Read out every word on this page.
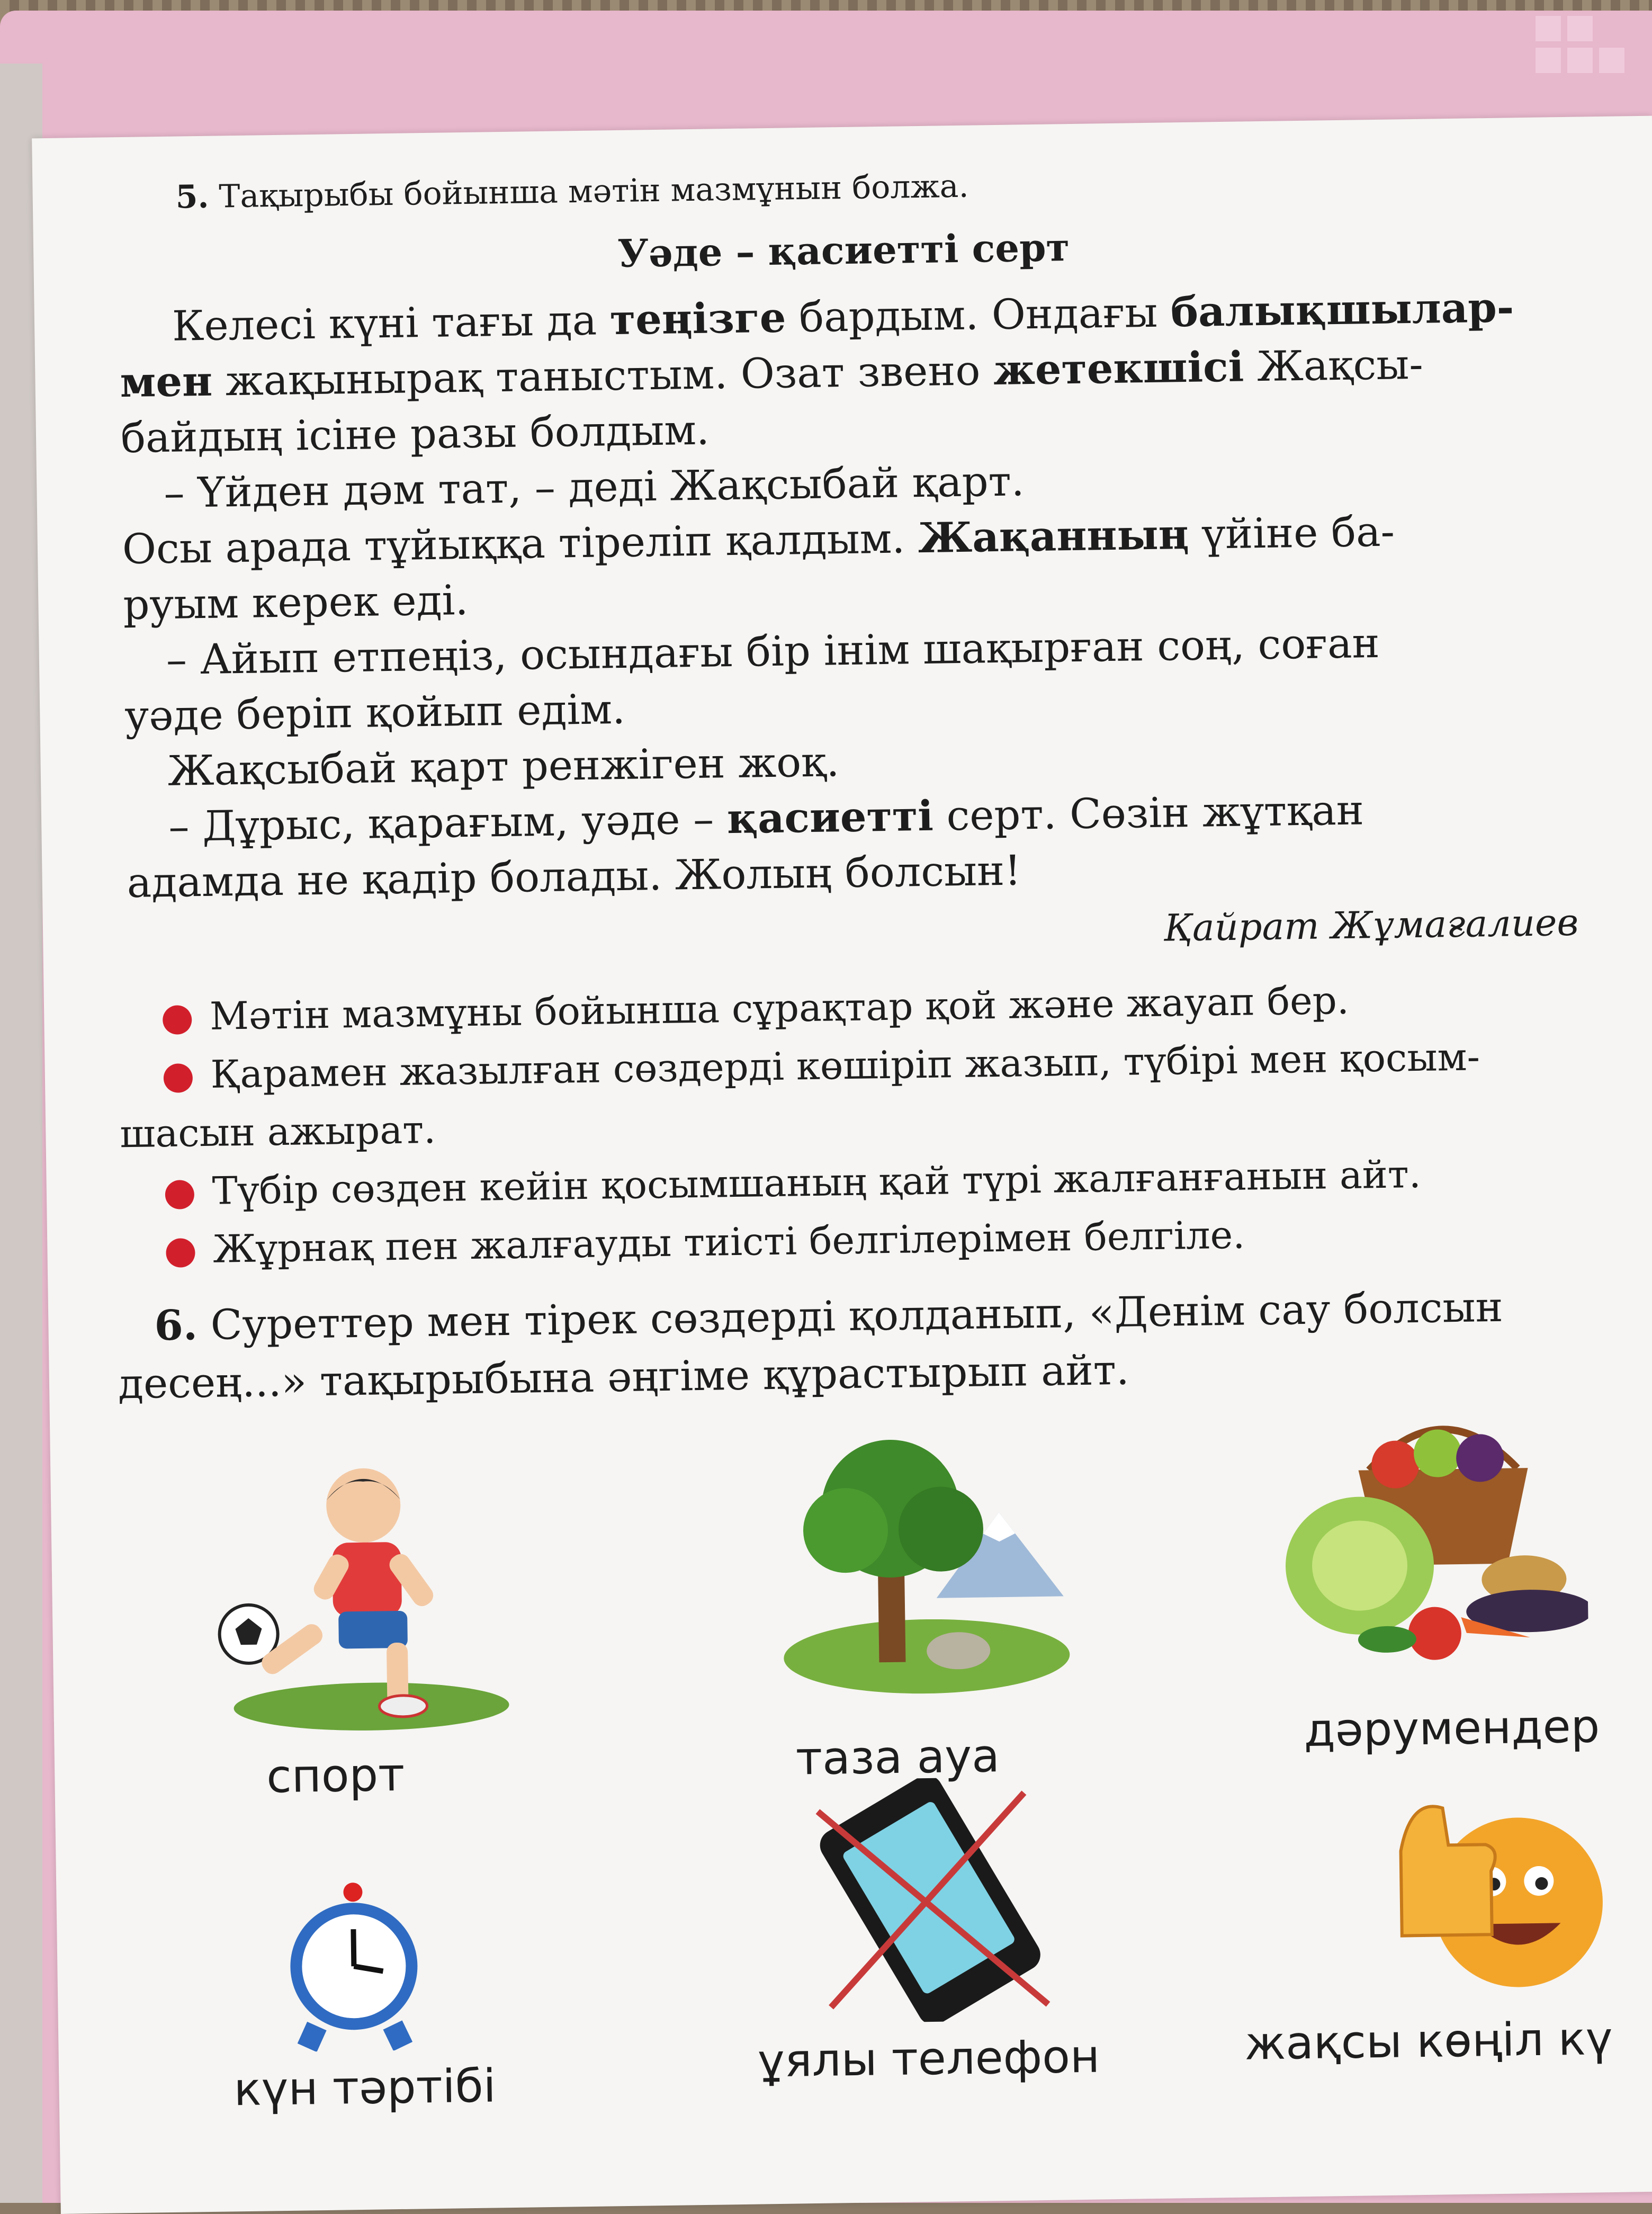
5. Тақырыбы бойынша мәтін мазмұнын болжа.
Уәде – қасиетті серт
Келесі күні тағы да теңізге бардым. Ондағы балықшылар-
мен жақынырақ таныстым. Озат звено жетекшісі Жақсы-
байдың ісіне разы болдым.
– Үйден дәм тат, – деді Жақсыбай қарт.
Осы арада тұйыққа тіреліп қалдым. Жақанның үйіне ба-
руым керек еді.
– Айып етпеңіз, осындағы бір інім шақырған соң, соған
уәде беріп қойып едім.
Жақсыбай қарт ренжіген жоқ.
– Дұрыс, қарағым, уәде – қасиетті серт. Сөзін жұтқан
адамда не қадір болады. Жолың болсын!
Қайрат Жұмағалиев
● Мәтін мазмұны бойынша сұрақтар қой және жауап бер.
● Қарамен жазылған сөздерді көшіріп жазып, түбірі мен қосым-
шасын ажырат.
● Түбір сөзден кейін қосымшаның қай түрі жалғанғанын айт.
● Жұрнақ пен жалғауды тиісті белгілерімен белгіле.
6. Суреттер мен тірек сөздерді қолданып, «Денім сау болсын
десең...» тақырыбына әңгіме құрастырып айт.
спорт	таза ауа
дәрумендер
күн тәртібі
ұялы телефон	жақсы көңіл кү
